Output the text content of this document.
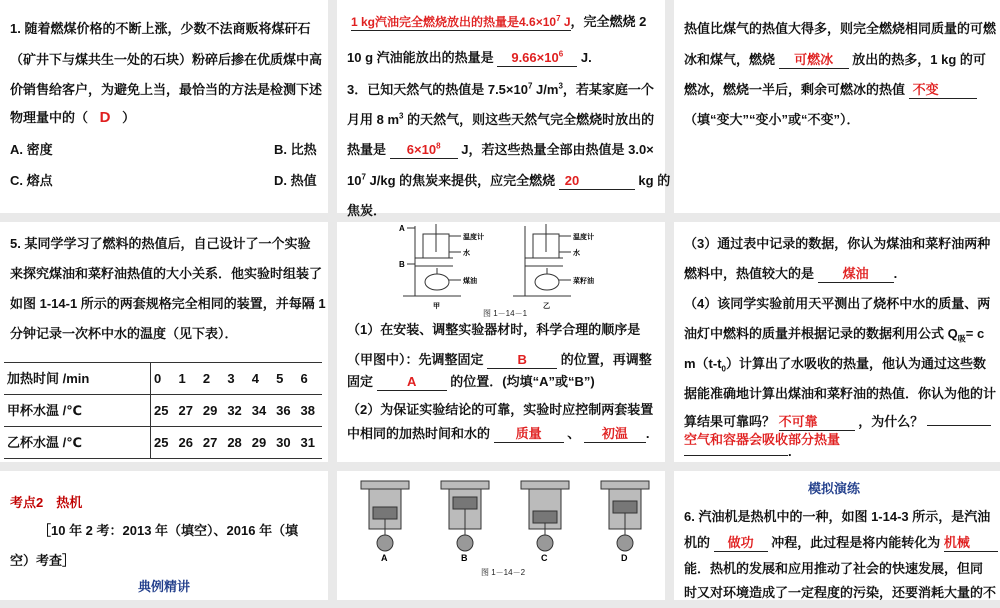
1. 随着燃煤价格的不断上涨，少数不法商贩将煤矸石
（矿井下与煤共生一处的石块）粉碎后掺在优质煤中高
价销售给客户，为避免上当，最恰当的方法是检测下述
物理量中的（ D ）
A. 密度	B. 比热
C. 熔点	D. 热值
1 kg汽油完全燃烧放出的热量是$4.6\times 10^7$ J，完全燃烧 2
10 g 汽油能放出的热量是 $9.66\times 10^6$ J.
3．已知天然气的热值是 $7.5\times 10^7$ $J/m^3$，若某家庭一个
月用 8 $m^3$ 的天然气，则这些天然气完全燃烧时放出的
热量是 $6\times 10^8$ J，若这些热量全部由热值是 3.0×
$10^7$ J/kg 的焦炭来提供，应完全燃烧 20	kg 的
焦炭．
热值比煤气的热值大得多，则完全燃烧相同质量的可燃
冰和煤气，燃烧 可燃冰 放出的热多，1 kg 的可
燃冰，燃烧一半后，剩余可燃冰的热值 不变
（填“变大”“变小”或“不变”）．
5. 某同学学习了燃料的热值后，自己设计了一个实验
来探究煤油和菜籽油热值的大小关系．他实验时组装了
如图 1-14-1 所示的两套规格完全相同的装置，并每隔 1
分钟记录一次杯中水的温度（见下表）．
加热时间 /min	0	1	2	3	4	5	6
甲杯水温 /℃	25	27	29	32	34	36	38
乙杯水温 /℃	25	26	27	28	29	30	31
A
B
温度计
水
煤油
甲
温度计
水
菜籽油
乙
图 1－14－1
（1）在安装、调整实验器材时，科学合理的顺序是
（甲图中）：先调整固定	B	的位置，再调整
固定	A	的位置．(均填“A”或“B”)
（2）为保证实验结论的可靠，实验时应控制两套装置
中相同的加热时间和水的 质量 、 初温 .
（3）通过表中记录的数据，你认为煤油和菜籽油两种
燃料中，热值较大的是 煤油 .
（4）该同学实验前用天平测出了烧杯中水的质量、两
油灯中燃料的质量并根据记录的数据利用公式 $Q_吸= c$
$m(t-t_0)$计算出了水吸收的热量，他认为通过这些数
据能准确地计算出煤油和菜籽油的热值．你认为他的计
算结果可靠吗？ 不可靠	，为什么？
空气和容器会吸收部分热量
.
考点2　热机
［10 年 2 考：2013 年（填空）、2016 年（填
空）考查］
典例精讲
A	B	C	D
图 1－14－2
模拟演练
6. 汽油机是热机中的一种，如图 1-14-3 所示，是汽油
机的 做功 冲程，此过程是将内能转化为 机械
能．热机的发展和应用推动了社会的快速发展，但同
时又对环境造成了一定程度的污染，还要消耗大量的不
